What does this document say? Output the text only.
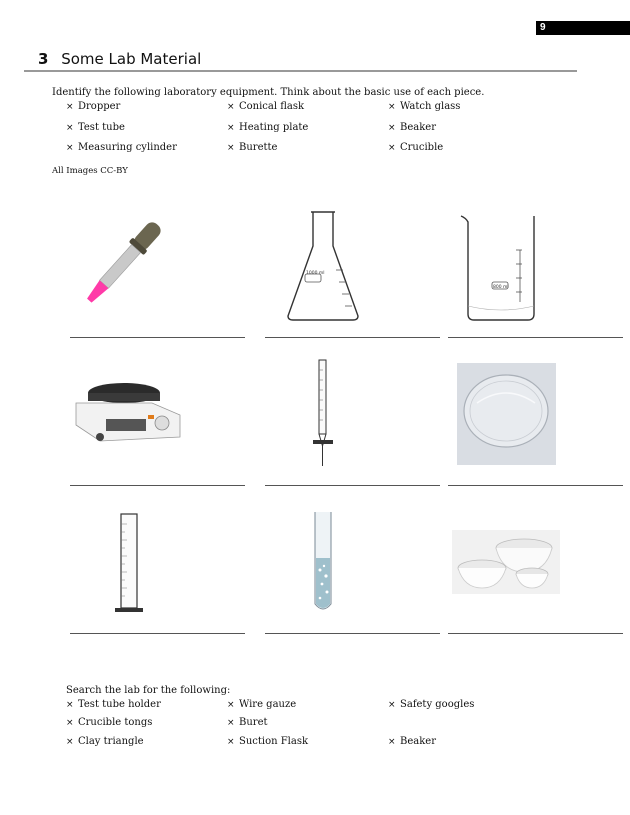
9
3 Some Lab Material
Identify the following laboratory equipment. Think about the basic use of each piece.
× Dropper	× Conical flask	× Watch glass
× Test tube	× Heating plate	× Beaker
× Measuring cylinder	× Burette	× Crucible
All Images CC-BY
1000 ml
800 ml
Search the lab for the following:
× Test tube holder	× Wire gauze	× Safety googles
× Crucible tongs	× Buret
× Clay triangle	× Suction Flask	× Beaker
